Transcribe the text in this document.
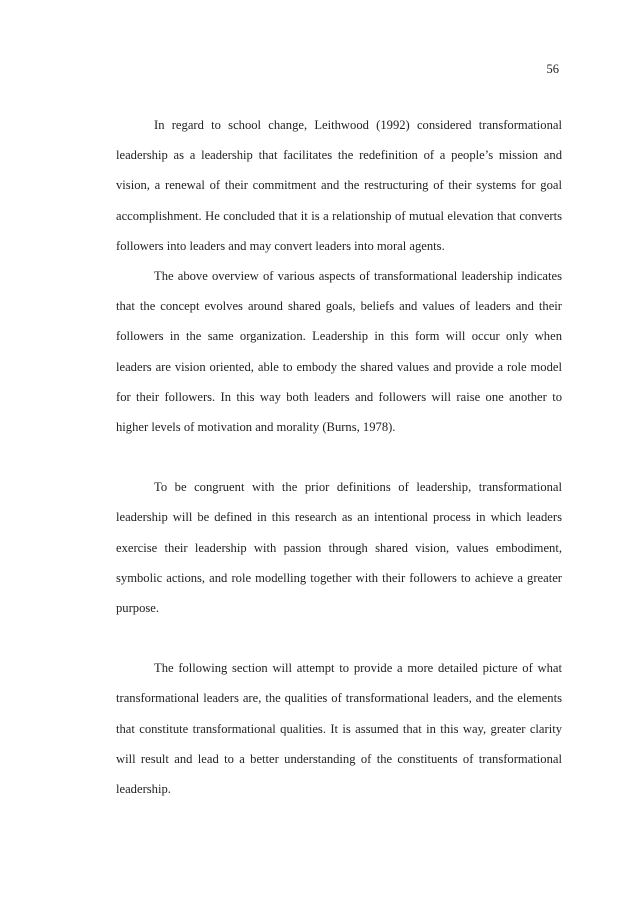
56

In regard to school change, Leithwood (1992) considered transformational leadership as a leadership that facilitates the redefinition of a people’s mission and vision, a renewal of their commitment and the restructuring of their systems for goal accomplishment. He concluded that it is a relationship of mutual elevation that converts followers into leaders and may convert leaders into moral agents.

The above overview of various aspects of transformational leadership indicates that the concept evolves around shared goals, beliefs and values of leaders and their followers in the same organization. Leadership in this form will occur only when leaders are vision oriented, able to embody the shared values and provide a role model for their followers. In this way both leaders and followers will raise one another to higher levels of motivation and morality (Burns, 1978).

To be congruent with the prior definitions of leadership, transformational leadership will be defined in this research as an intentional process in which leaders exercise their leadership with passion through shared vision, values embodiment, symbolic actions, and role modelling together with their followers to achieve a greater purpose.

The following section will attempt to provide a more detailed picture of what transformational leaders are, the qualities of transformational leaders, and the elements that constitute transformational qualities. It is assumed that in this way, greater clarity will result and lead to a better understanding of the constituents of transformational leadership.
